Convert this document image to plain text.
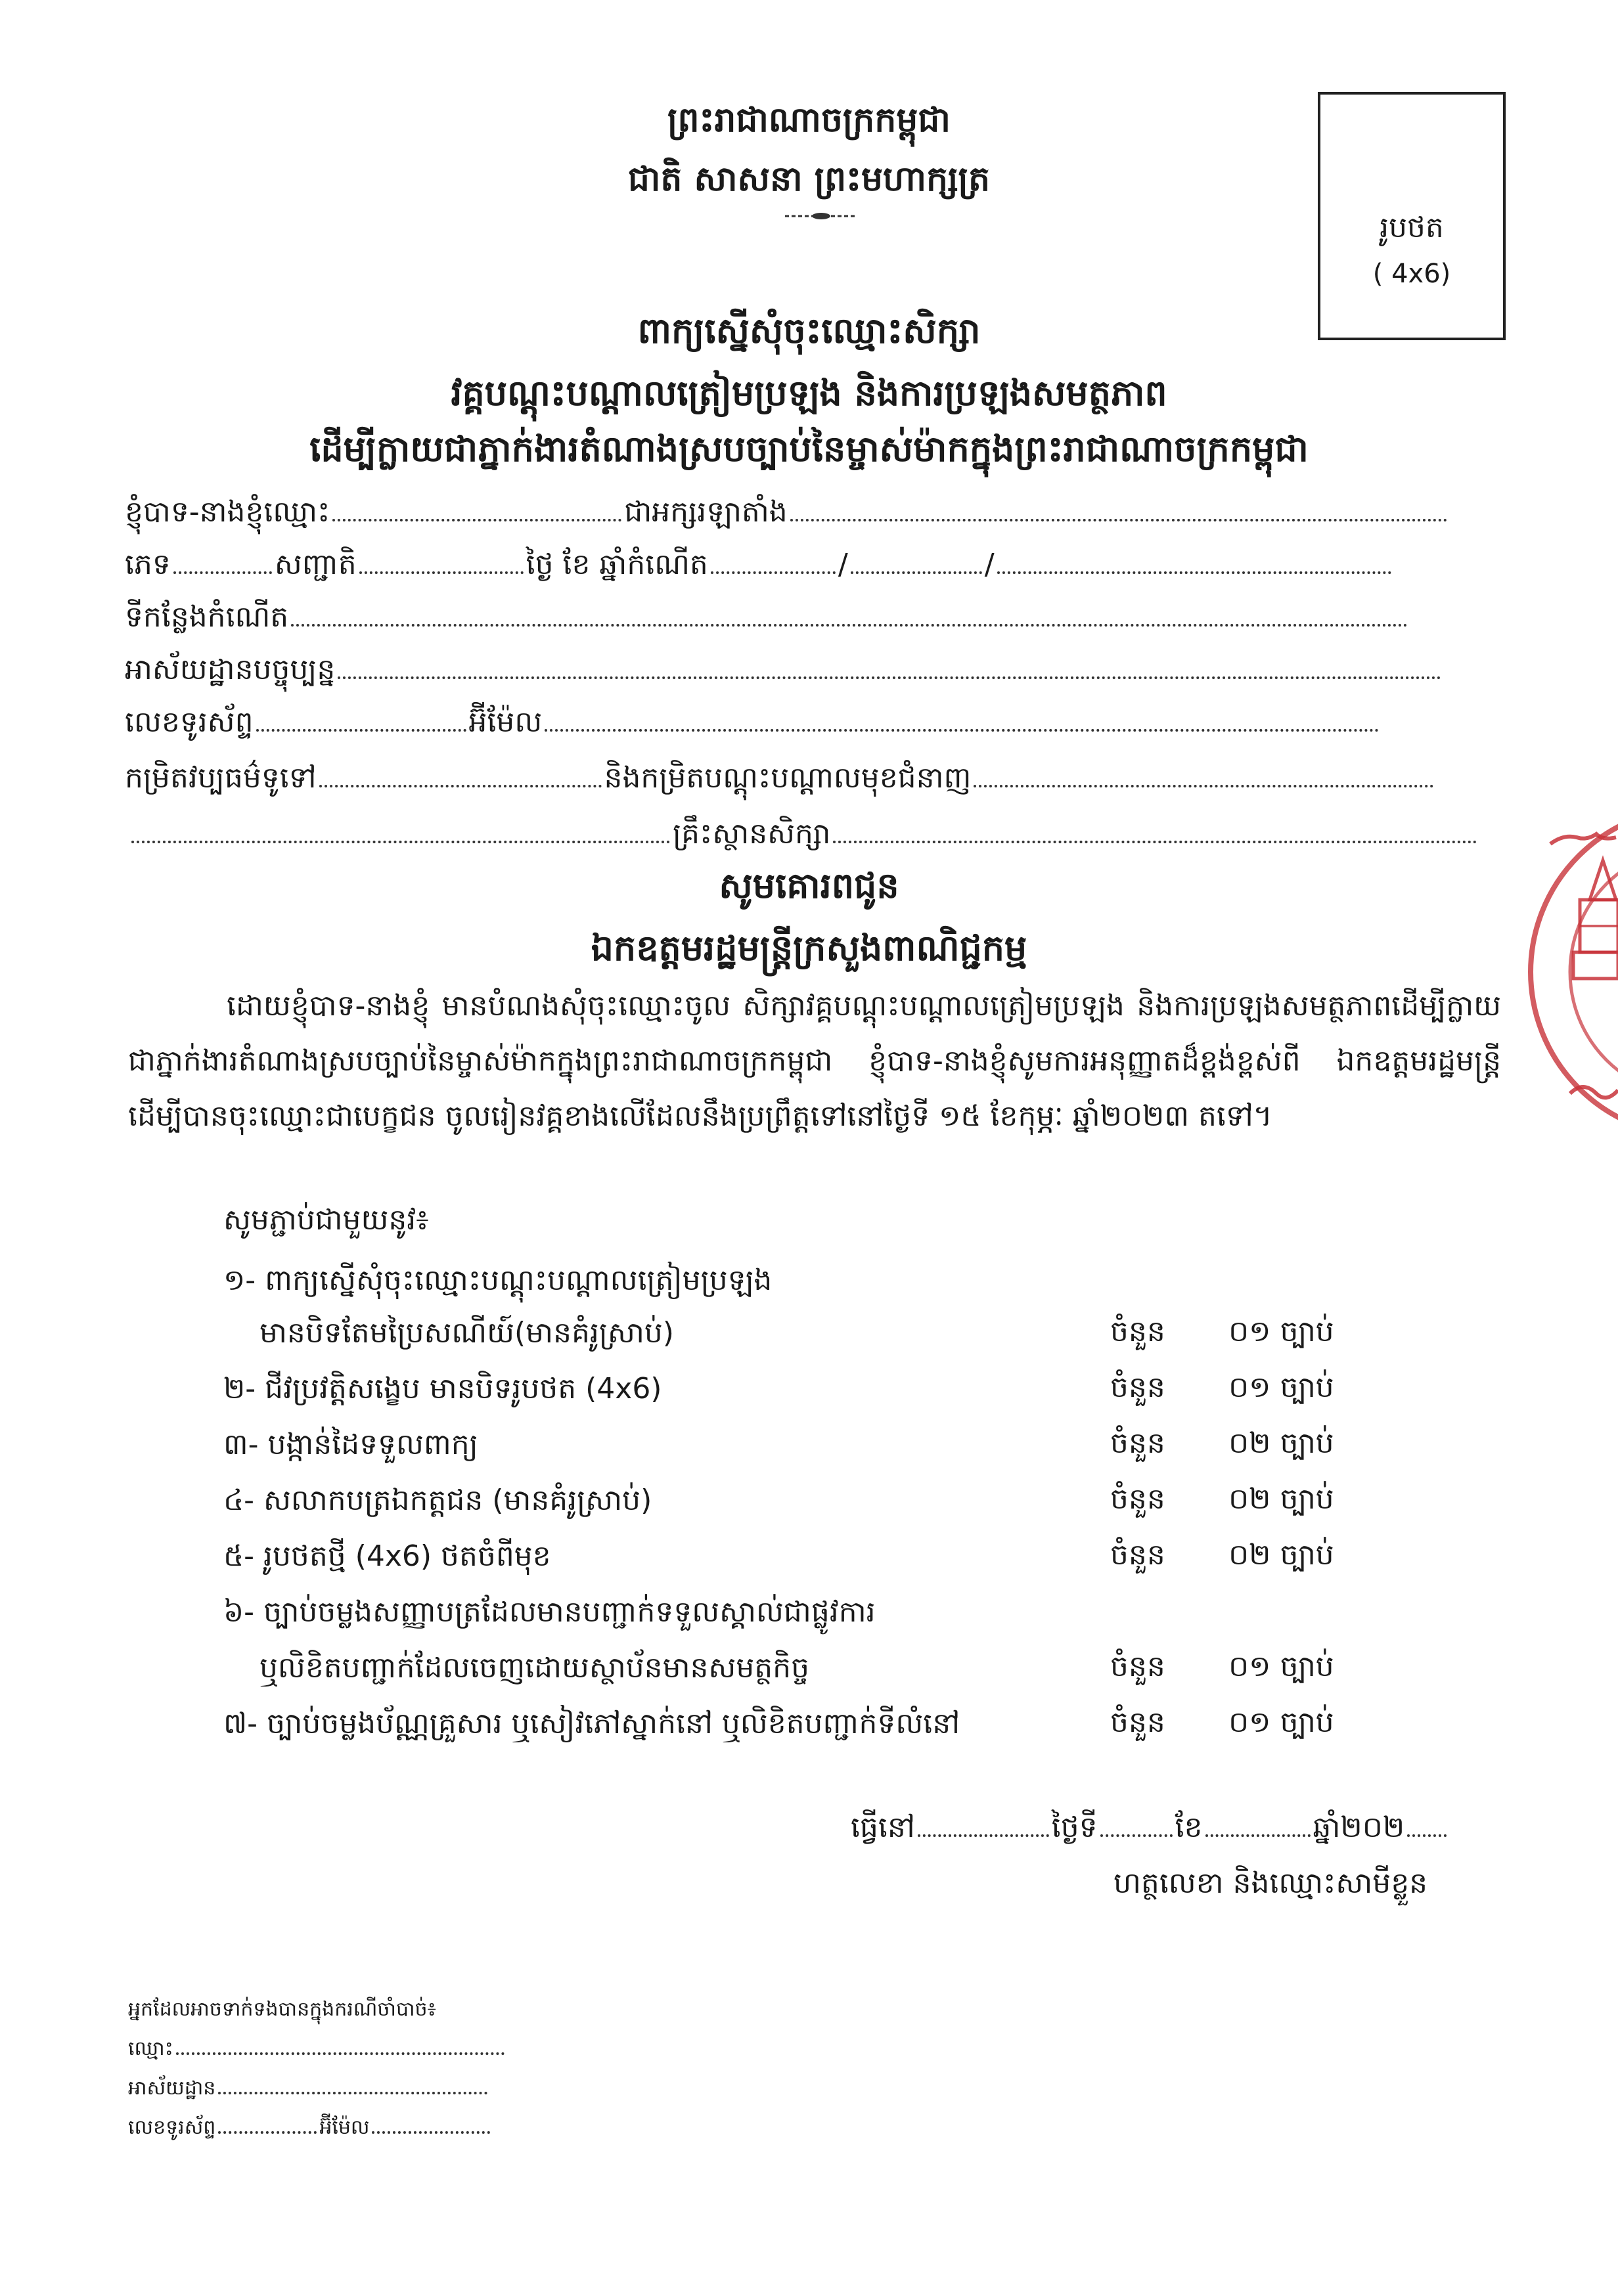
ព្រះរាជាណាចក្រកម្ពុជា
ជាតិ សាសនា ព្រះមហាក្សត្រ
រូបថត
( 4x6)
ពាក្យស្នើសុំចុះឈ្មោះសិក្សា
វគ្គបណ្តុះបណ្តាលត្រៀមប្រឡង និងការប្រឡងសមត្ថភាព
ដើម្បីក្លាយជាភ្នាក់ងារតំណាងស្របច្បាប់នៃម្ចាស់ម៉ាកក្នុងព្រះរាជាណាចក្រកម្ពុជា
ខ្ញុំបាទ-នាងខ្ញុំឈ្មោះ	ជាអក្សរឡាតាំង
ភេទ	សញ្ជាតិ	ថ្ងៃ ខែ ឆ្នាំកំណើត	/	/
ទីកន្លែងកំណើត
អាស័យដ្ឋានបច្ចុប្បន្ន
លេខទូរស័ព្ទ	អ៊ីម៉ែល
កម្រិតវប្បធម៌ទូទៅ	និងកម្រិតបណ្តុះបណ្តាលមុខជំនាញ
គ្រឹះស្ថានសិក្សា
សូមគោរពជូន
ឯកឧត្តមរដ្ឋមន្ត្រីក្រសួងពាណិជ្ជកម្ម
ដោយខ្ញុំបាទ-នាងខ្ញុំ មានបំណងសុំចុះឈ្មោះចូល សិក្សាវគ្គបណ្តុះបណ្តាលត្រៀមប្រឡង និងការប្រឡងសមត្ថភាពដើម្បីក្លាយជាភ្នាក់ងារតំណាងស្របច្បាប់នៃម្ចាស់ម៉ាកក្នុងព្រះរាជាណាចក្រកម្ពុជា ខ្ញុំបាទ-នាងខ្ញុំសូមការអនុញ្ញាតដ៏ខ្ពង់ខ្ពស់ពី ឯកឧត្តមរដ្ឋមន្ត្រី ដើម្បីបានចុះឈ្មោះជាបេក្ខជន ចូលរៀនវគ្គខាងលើដែលនឹងប្រព្រឹត្តទៅនៅថ្ងៃទី ១៥ ខែកុម្ភៈ ឆ្នាំ២០២៣ តទៅ។
សូមភ្ជាប់ជាមួយនូវ៖
១- ពាក្យស្នើសុំចុះឈ្មោះបណ្តុះបណ្តាលត្រៀមប្រឡង
មានបិទតែមប្រៃសណីយ៍(មានគំរូស្រាប់)	ចំនួន ០១ ច្បាប់
២- ជីវប្រវត្តិសង្ខេប មានបិទរូបថត (4x6)	ចំនួន ០១ ច្បាប់
៣- បង្កាន់ដៃទទួលពាក្យ	ចំនួន ០២ ច្បាប់
៤- សលាកបត្រឯកត្តជន (មានគំរូស្រាប់)	ចំនួន ០២ ច្បាប់
៥- រូបថតថ្មី (4x6) ថតចំពីមុខ	ចំនួន ០២ ច្បាប់
៦- ច្បាប់ចម្លងសញ្ញាបត្រដែលមានបញ្ជាក់ទទួលស្គាល់ជាផ្លូវការ
ឬលិខិតបញ្ជាក់ដែលចេញដោយស្ថាប័នមានសមត្ថកិច្ច	ចំនួន ០១ ច្បាប់
៧- ច្បាប់ចម្លងប័ណ្ណគ្រួសារ ឬសៀវភៅស្នាក់នៅ ឬលិខិតបញ្ជាក់ទីលំនៅ	ចំនួន ០១ ច្បាប់
ធ្វើនៅ	ថ្ងៃទី	ខែ	ឆ្នាំ២០២
ហត្ថលេខា និងឈ្មោះសាមីខ្លួន
អ្នកដែលអាចទាក់ទងបានក្នុងករណីចាំបាច់៖
ឈ្មោះ
អាស័យដ្ឋាន
លេខទូរស័ព្ទ	អ៊ីម៉ែល
